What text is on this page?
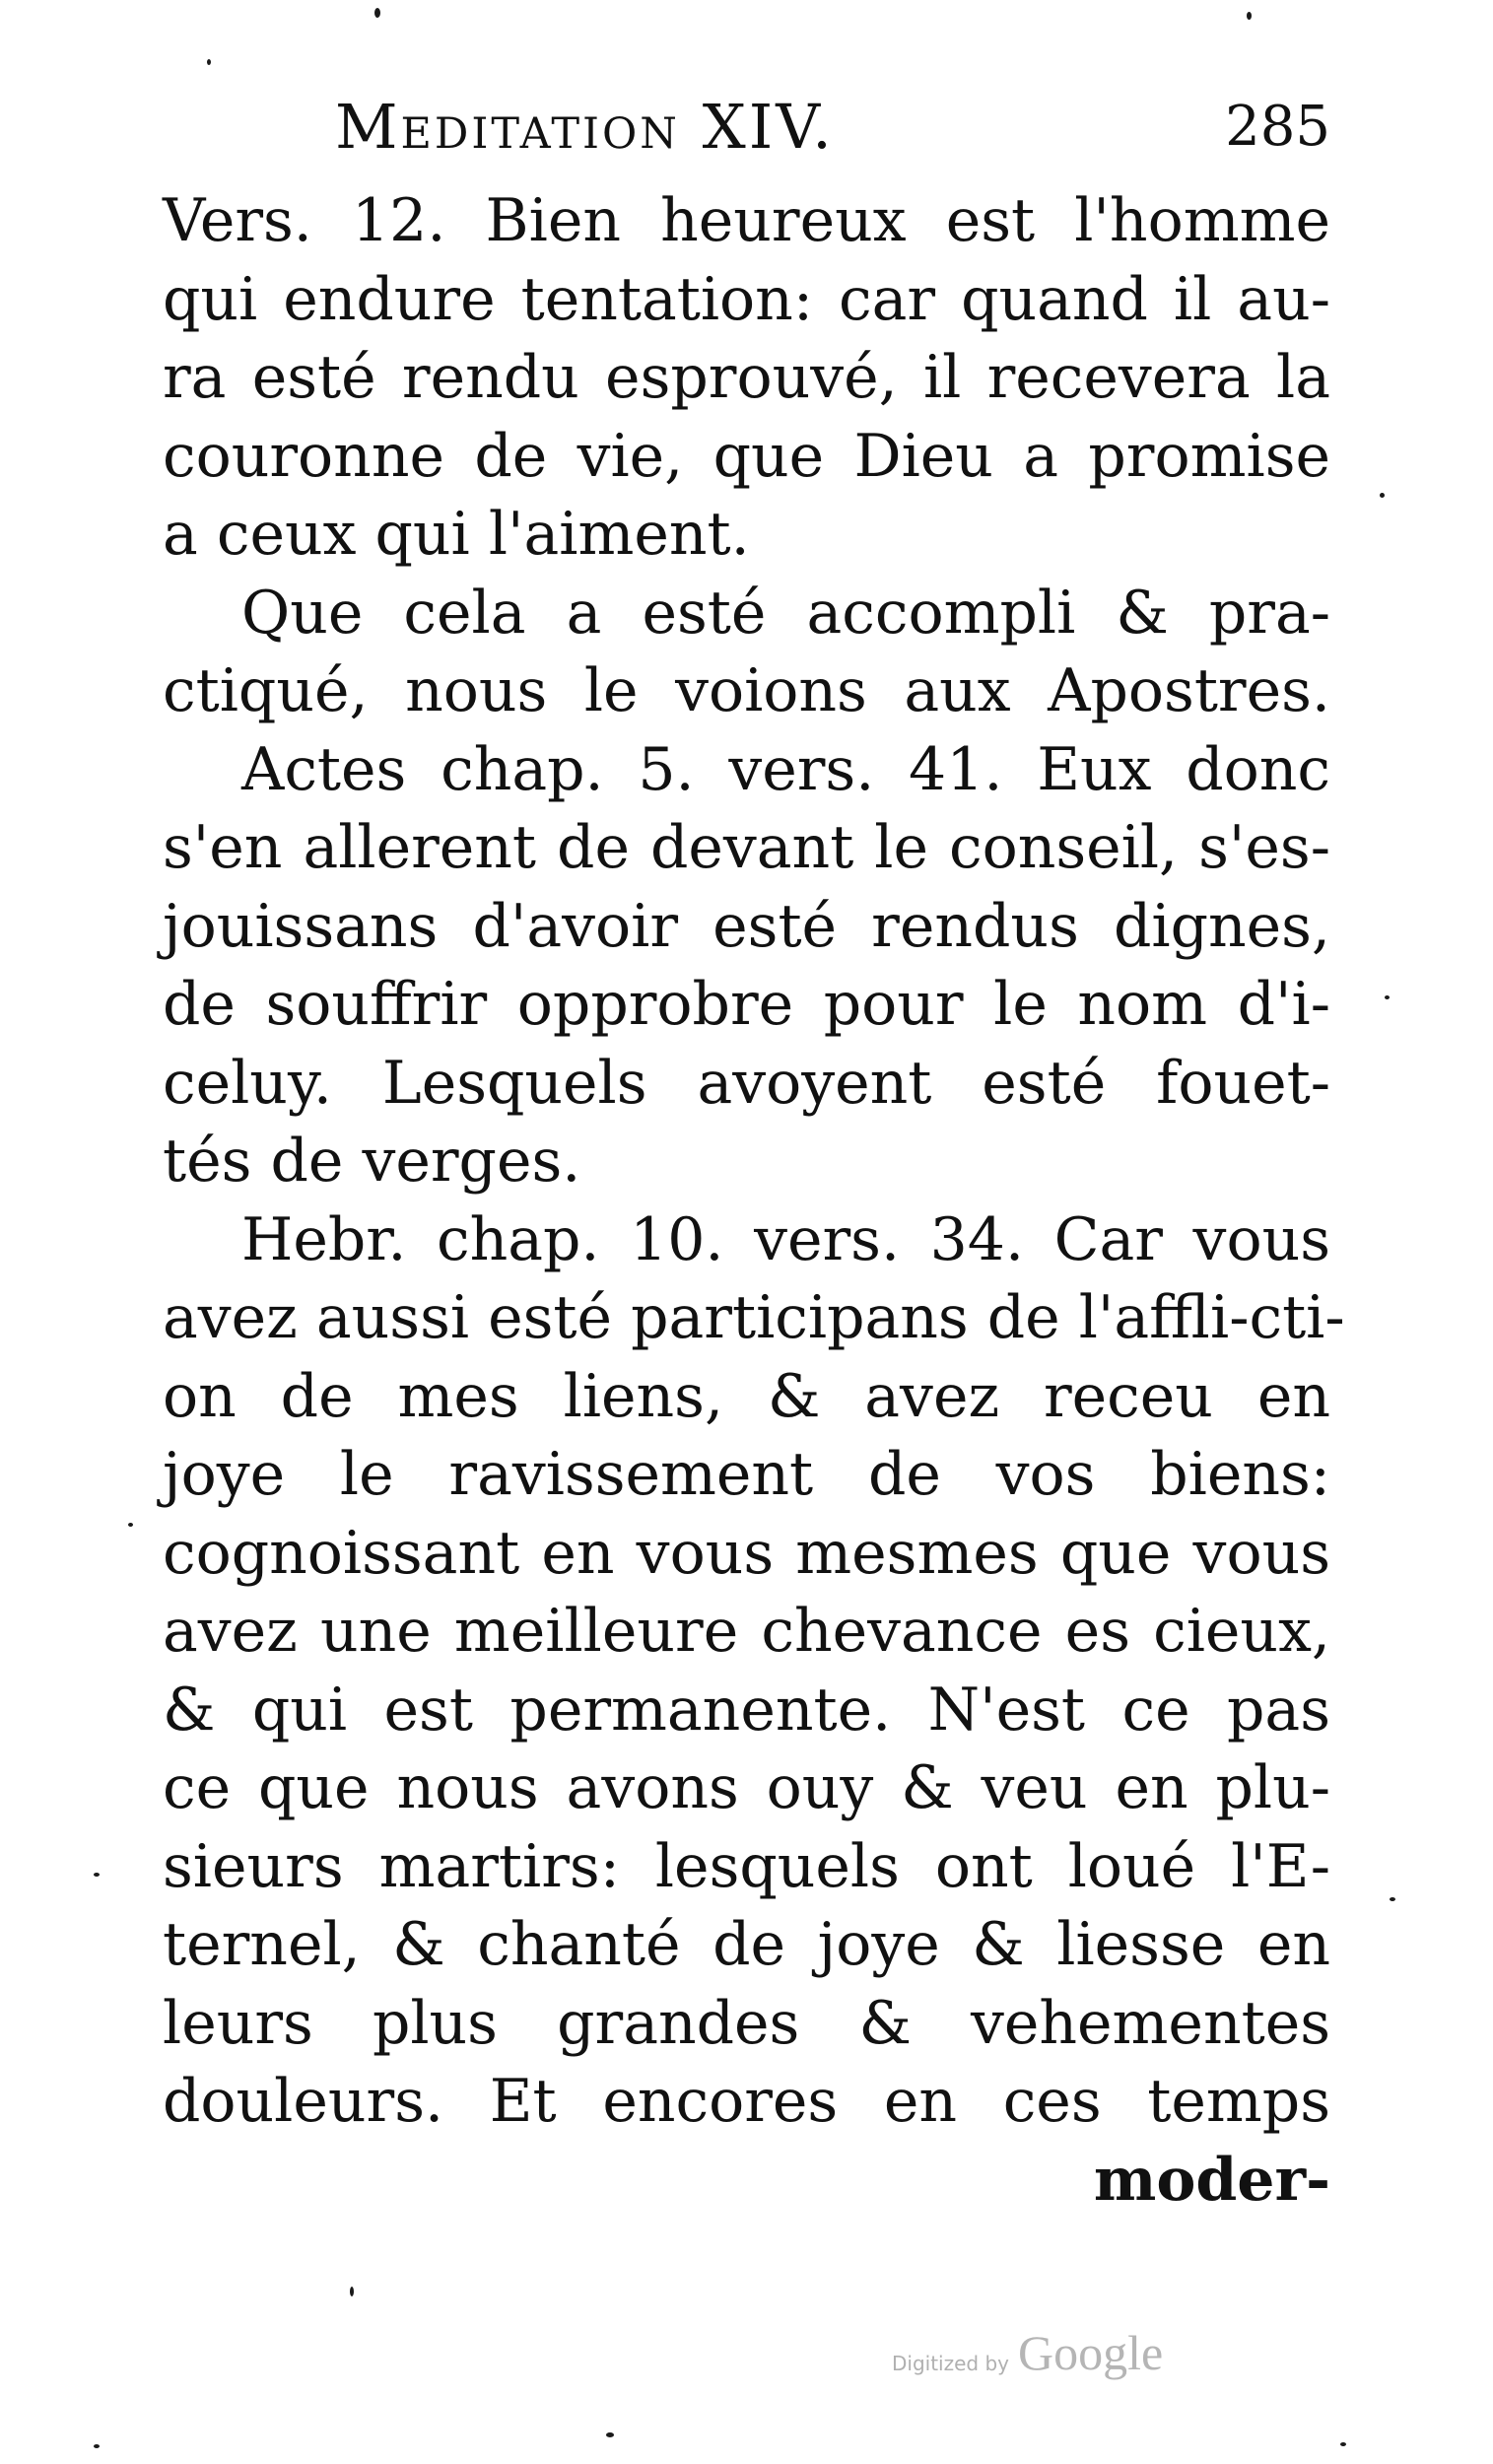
Meditation XIV.	285
Vers. 12. Bien heureux est l'homme
qui endure tentation: car quand il au-
ra esté rendu esprouvé, il recevera la
couronne de vie, que Dieu a promise
a ceux qui l'aiment.
Que cela a esté accompli & pra-
ctiqué, nous le voions aux Apostres.
Actes chap. 5. vers. 41. Eux donc
s'en allerent de devant le conseil, s'es-
jouissans d'avoir esté rendus dignes,
de souffrir opprobre pour le nom d'i-
celuy. Lesquels avoyent esté fouet-
tés de verges.
Hebr. chap. 10. vers. 34. Car vous
avez aussi esté participans de l'affli-cti-
on de mes liens, & avez receu en
joye le ravissement de vos biens:
cognoissant en vous mesmes que vous
avez une meilleure chevance es cieux,
& qui est permanente. N'est ce pas
ce que nous avons ouy & veu en plu-
sieurs martirs: lesquels ont loué l'E-
ternel, & chanté de joye & liesse en
leurs plus grandes & vehementes
douleurs. Et encores en ces temps
moder-
Digitized by Google
